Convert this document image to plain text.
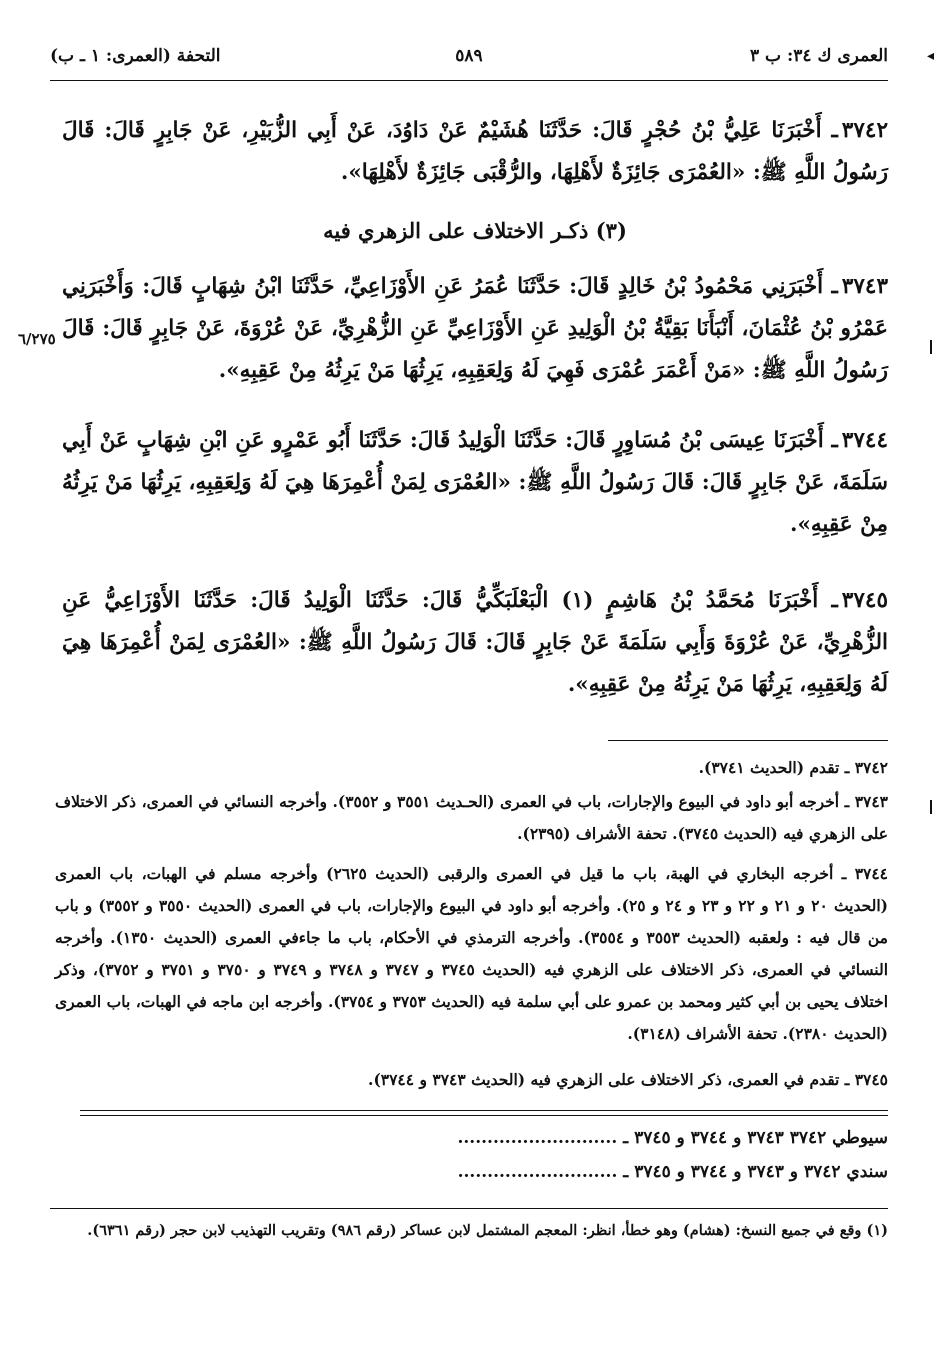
◂
العمرى ك ٣٤: ب ٣
٥٨٩
التحفة (العمرى: ١ ـ ب)
٣٧٤٢ـ أَخْبَرَنَا عَلِيُّ بْنُ حُجْرٍ قَالَ: حَدَّثَنَا هُشَيْمٌ عَنْ دَاوُدَ، عَنْ أَبِي الزُّبَيْرِ، عَنْ جَابِرٍ قَالَ: قَالَ رَسُولُ اللَّهِ ﷺ: «العُمْرَى جَائِزَةٌ لأَهْلِهَا، والرُّقْبَى جَائِزَةٌ لأَهْلِهَا».
(٣) ذكـر الاختلاف على الزهري فيه
٦/٢٧٥
٣٧٤٣ـ أَخْبَرَنِي مَحْمُودُ بْنُ خَالِدٍ قَالَ: حَدَّثَنَا عُمَرُ عَنِ الأَوْزَاعِيِّ، حَدَّثَنَا ابْنُ شِهَابٍ قَالَ: وَأَخْبَرَنِي عَمْرُو بْنُ عُثْمَانَ، أَنْبَأَنَا بَقِيَّةُ بْنُ الْوَلِيدِ عَنِ الأَوْزَاعِيِّ عَنِ الزُّهْرِيِّ، عَنْ عُرْوَةَ، عَنْ جَابِرٍ قَالَ: قَالَ رَسُولُ اللَّهِ ﷺ: «مَنْ أَعْمَرَ عُمْرَى فَهِيَ لَهُ وَلِعَقِبِهِ، يَرِثُهَا مَنْ يَرِثُهُ مِنْ عَقِبِهِ».
٣٧٤٤ـ أَخْبَرَنَا عِيسَى بْنُ مُسَاوِرٍ قَالَ: حَدَّثَنَا الْوَلِيدُ قَالَ: حَدَّثَنَا أَبُو عَمْرٍو عَنِ ابْنِ شِهَابٍ عَنْ أَبِي سَلَمَةَ، عَنْ جَابِرٍ قَالَ: قَالَ رَسُولُ اللَّهِ ﷺ: «العُمْرَى لِمَنْ أُعْمِرَهَا هِيَ لَهُ وَلِعَقِبِهِ، يَرِثُهَا مَنْ يَرِثُهُ مِنْ عَقِبِهِ».
٣٧٤٥ـ أَخْبَرَنَا مُحَمَّدُ بْنُ هَاشِمٍ (١) الْبَعْلَبَكِّيُّ قَالَ: حَدَّثَنَا الْوَلِيدُ قَالَ: حَدَّثَنَا الأَوْزَاعِيُّ عَنِ الزُّهْرِيِّ، عَنْ عُرْوَةَ وَأَبِي سَلَمَةَ عَنْ جَابِرٍ قَالَ: قَالَ رَسُولُ اللَّهِ ﷺ: «العُمْرَى لِمَنْ أُعْمِرَهَا هِيَ لَهُ وَلِعَقِبِهِ، يَرِثُهَا مَنْ يَرِثُهُ مِنْ عَقِبِهِ».
٣٧٤٢ ـ تقدم (الحديث ٣٧٤١).
٣٧٤٣ ـ أخرجه أبو داود في البيوع والإجارات، باب في العمرى (الحـديث ٣٥٥١ و ٣٥٥٢). وأخرجه النسائي في العمرى، ذكر الاختلاف على الزهري فيه (الحديث ٣٧٤٥). تحفة الأشراف (٢٣٩٥).
٣٧٤٤ ـ أخرجه البخاري في الهبة، باب ما قيل في العمرى والرقبى (الحديث ٢٦٢٥) وأخرجه مسلم في الهبات، باب العمرى (الحديث ٢٠ و ٢١ و ٢٢ و ٢٣ و ٢٤ و ٢٥). وأخرجه أبو داود في البيوع والإجارات، باب في العمرى (الحديث ٣٥٥٠ و ٣٥٥٢) و باب من قال فيه : ولعقبه (الحديث ٣٥٥٣ و ٣٥٥٤). وأخرجه الترمذي في الأحكام، باب ما جاءفي العمرى (الحديث ١٣٥٠). وأخرجه النسائي في العمرى، ذكر الاختلاف على الزهري فيه (الحديث ٣٧٤٥ و ٣٧٤٧ و ٣٧٤٨ و ٣٧٤٩ و ٣٧٥٠ و ٣٧٥١ و ٣٧٥٢)، وذكر اختلاف يحيى بن أبي كثير ومحمد بن عمرو على أبي سلمة فيه (الحديث ٣٧٥٣ و ٣٧٥٤). وأخرجه ابن ماجه في الهبات، باب العمرى (الحديث ٢٣٨٠). تحفة الأشراف (٣١٤٨).
٣٧٤٥ ـ تقدم في العمرى، ذكر الاختلاف على الزهري فيه (الحديث ٣٧٤٣ و ٣٧٤٤).
سيوطي ٣٧٤٢ ٣٧٤٣ و ٣٧٤٤ و ٣٧٤٥ ـ ...........................
سندي ٣٧٤٢ و ٣٧٤٣ و ٣٧٤٤ و ٣٧٤٥ ـ ...........................
(١) وقع في جميع النسخ: (هشام) وهو خطأ، انظر: المعجم المشتمل لابن عساكر (رقم ٩٨٦) وتقريب التهذيب لابن حجر (رقم ٦٣٦١).
